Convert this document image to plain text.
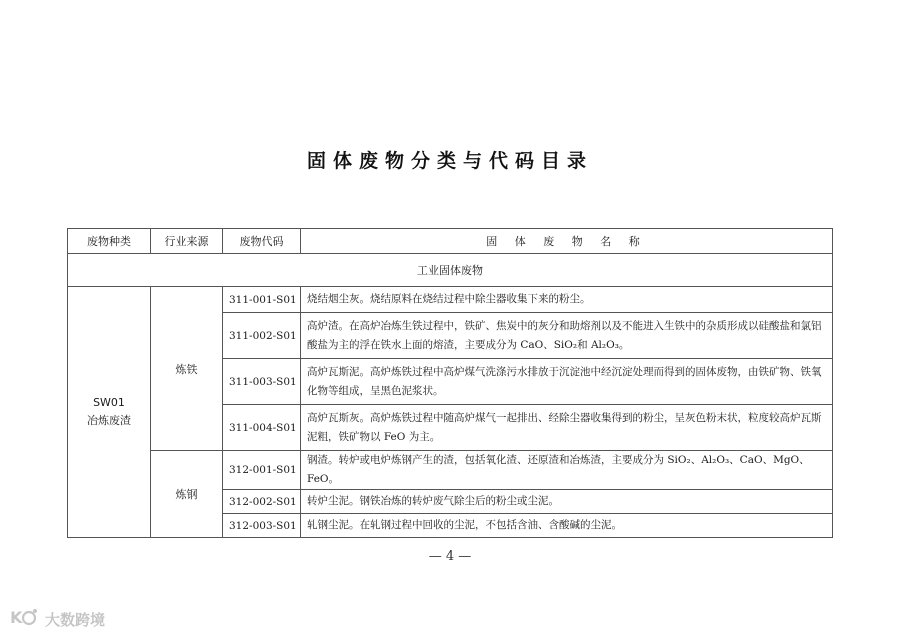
固体废物分类与代码目录
废物种类	行业来源	废物代码	固 体 废 物 名 称
工业固体废物			

SW01
冶炼废渣	炼铁	311-001-S01	烧结烟尘灰。烧结原料在烧结过程中除尘器收集下来的粉尘。
		311-002-S01	高炉渣。在高炉冶炼生铁过程中，铁矿、焦炭中的灰分和助熔剂以及不能进入生铁中的杂质形成以硅酸盐和氯铝酸盐为主的浮在铁水上面的熔渣，主要成分为 CaO、SiO₂和 Al₂O₃。
		311-003-S01	高炉瓦斯泥。高炉炼铁过程中高炉煤气洗涤污水排放于沉淀池中经沉淀处理而得到的固体废物，由铁矿物、铁氧化物等组成，呈黑色泥浆状。
		311-004-S01	高炉瓦斯灰。高炉炼铁过程中随高炉煤气一起排出、经除尘器收集得到的粉尘，呈灰色粉末状，粒度较高炉瓦斯泥粗，铁矿物以 FeO 为主。
	炼钢	312-001-S01	钢渣。转炉或电炉炼钢产生的渣，包括氧化渣、还原渣和冶炼渣，主要成分为 SiO₂、Al₂O₃、CaO、MgO、FeO。
		312-002-S01	转炉尘泥。钢铁冶炼的转炉废气除尘后的粉尘或尘泥。
		312-003-S01	轧钢尘泥。在轧钢过程中回收的尘泥，不包括含油、含酸碱的尘泥。
— 4 —
K 大数跨境
